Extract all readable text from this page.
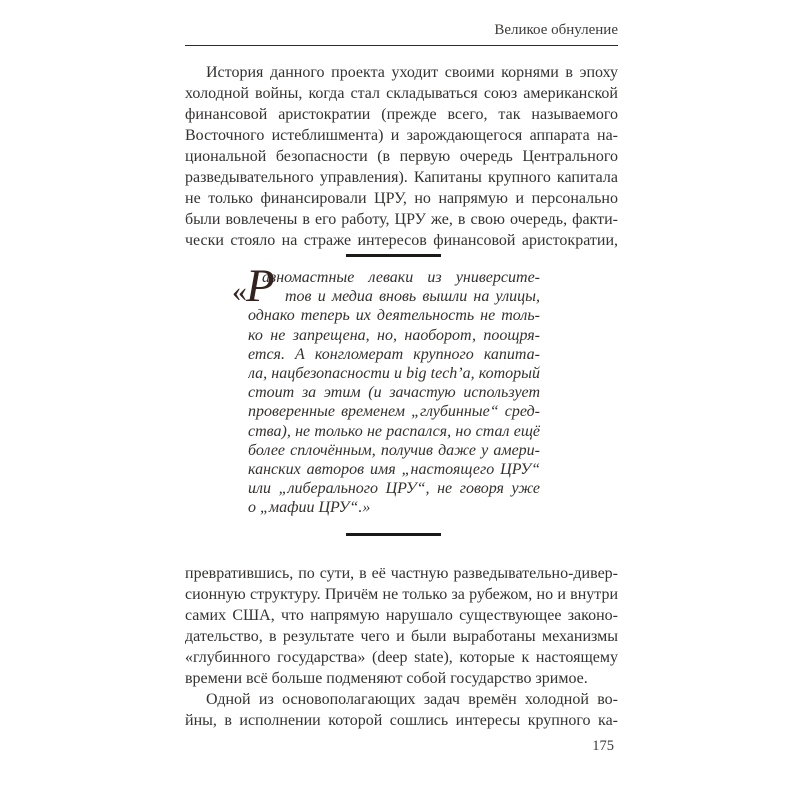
Великое обнуление
История данного проекта уходит своими корнями в эпоху
холодной войны, когда стал складываться союз американской
финансовой аристократии (прежде всего, так называемого
Восточного истеблишмента) и зарождающегося аппарата на-
циональной безопасности (в первую очередь Центрального
разведывательного управления). Капитаны крупного капитала
не только финансировали ЦРУ, но напрямую и персонально
были вовлечены в его работу, ЦРУ же, в свою очередь, факти-
чески стояло на страже интересов финансовой аристократии,
« Р
азномастные леваки из университе-
тов и медиа вновь вышли на улицы,
однако теперь их деятельность не толь-
ко не запрещена, но, наоборот, поощря-
ется. А конгломерат крупного капита-
ла, нацбезопасности и big tech’a, который
стоит за этим (и зачастую использует
проверенные временем „глубинные“ сред-
ства), не только не распался, но стал ещё
более сплочённым, получив даже у амери-
канских авторов имя „настоящего ЦРУ“
или „либерального ЦРУ“, не говоря уже
о „мафии ЦРУ“.»
превратившись, по сути, в её частную разведывательно-дивер-
сионную структуру. Причём не только за рубежом, но и внутри
самих США, что напрямую нарушало существующее законо-
дательство, в результате чего и были выработаны механизмы
«глубинного государства» (deep state), которые к настоящему
времени всё больше подменяют собой государство зримое.
Одной из основополагающих задач времён холодной во-
йны, в исполнении которой сошлись интересы крупного ка-
175
